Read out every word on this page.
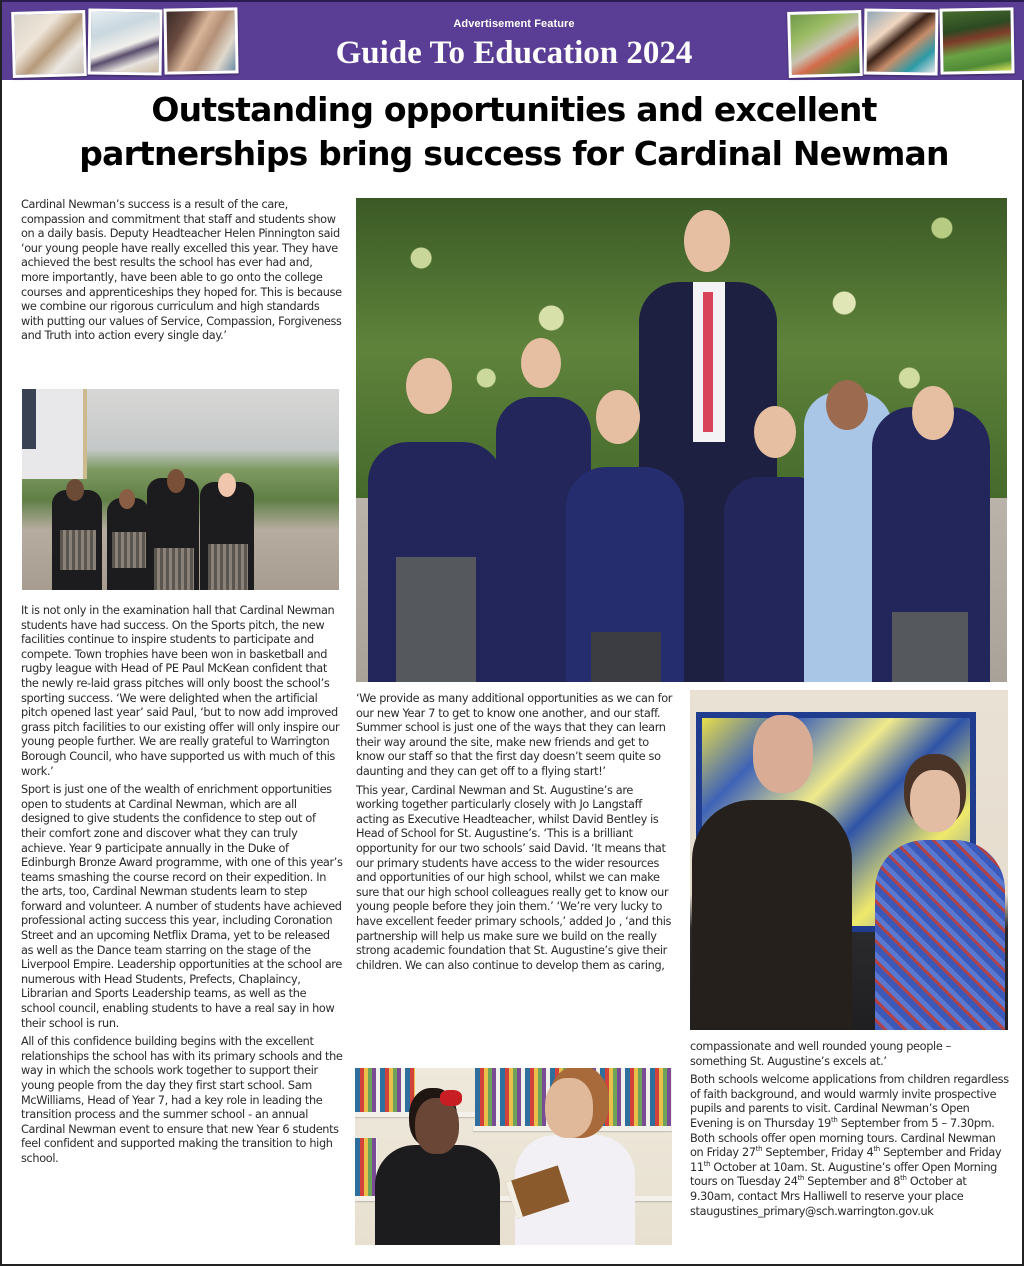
Advertisement Feature
Guide To Education 2024
Outstanding opportunities and excellent
partnerships bring success for Cardinal Newman

Cardinal Newman’s success is a result of the care, compassion and commitment that staff and students show on a daily basis. Deputy Headteacher Helen Pinnington said ‘our young people have really excelled this year. They have achieved the best results the school has ever had and, more importantly, have been able to go onto the college courses and apprenticeships they hoped for. This is because we combine our rigorous curriculum and high standards with putting our values of Service, Compassion, Forgiveness and Truth into action every single day.’

It is not only in the examination hall that Cardinal Newman students have had success. On the Sports pitch, the new facilities continue to inspire students to participate and compete. Town trophies have been won in basketball and rugby league with Head of PE Paul McKean confident that the newly re-laid grass pitches will only boost the school’s sporting success. ‘We were delighted when the artificial pitch opened last year’ said Paul, ‘but to now add improved grass pitch facilities to our existing offer will only inspire our young people further. We are really grateful to Warrington Borough Council, who have supported us with much of this work.’

Sport is just one of the wealth of enrichment opportunities open to students at Cardinal Newman, which are all designed to give students the confidence to step out of their comfort zone and discover what they can truly achieve. Year 9 participate annually in the Duke of Edinburgh Bronze Award programme, with one of this year’s teams smashing the course record on their expedition. In the arts, too, Cardinal Newman students learn to step forward and volunteer. A number of students have achieved professional acting success this year, including Coronation Street and an upcoming Netflix Drama, yet to be released as well as the Dance team starring on the stage of the Liverpool Empire. Leadership opportunities at the school are numerous with Head Students, Prefects, Chaplaincy, Librarian and Sports Leadership teams, as well as the school council, enabling students to have a real say in how their school is run.

All of this confidence building begins with the excellent relationships the school has with its primary schools and the way in which the schools work together to support their young people from the day they first start school. Sam McWilliams, Head of Year 7, had a key role in leading the transition process and the summer school - an annual Cardinal Newman event to ensure that new Year 6 students feel confident and supported making the transition to high school.

‘We provide as many additional opportunities as we can for our new Year 7 to get to know one another, and our staff. Summer school is just one of the ways that they can learn their way around the site, make new friends and get to know our staff so that the first day doesn’t seem quite so daunting and they can get off to a flying start!’

This year, Cardinal Newman and St. Augustine’s are working together particularly closely with Jo Langstaff acting as Executive Headteacher, whilst David Bentley is Head of School for St. Augustine’s. ‘This is a brilliant opportunity for our two schools’ said David. ‘It means that our primary students have access to the wider resources and opportunities of our high school, whilst we can make sure that our high school colleagues really get to know our young people before they join them.’ ‘We’re very lucky to have excellent feeder primary schools,’ added Jo , ‘and this partnership will help us make sure we build on the really strong academic foundation that St. Augustine’s give their children. We can also continue to develop them as caring,

compassionate and well rounded young people – something St. Augustine’s excels at.’

Both schools welcome applications from children regardless of faith background, and would warmly invite prospective pupils and parents to visit. Cardinal Newman’s Open Evening is on Thursday 19th September from 5 – 7.30pm. Both schools offer open morning tours. Cardinal Newman on Friday 27th September, Friday 4th September and Friday 11th October at 10am. St. Augustine’s offer Open Morning tours on Tuesday 24th September and 8th October at 9.30am, contact Mrs Halliwell to reserve your place
staugustines_primary@sch.warrington.gov.uk
